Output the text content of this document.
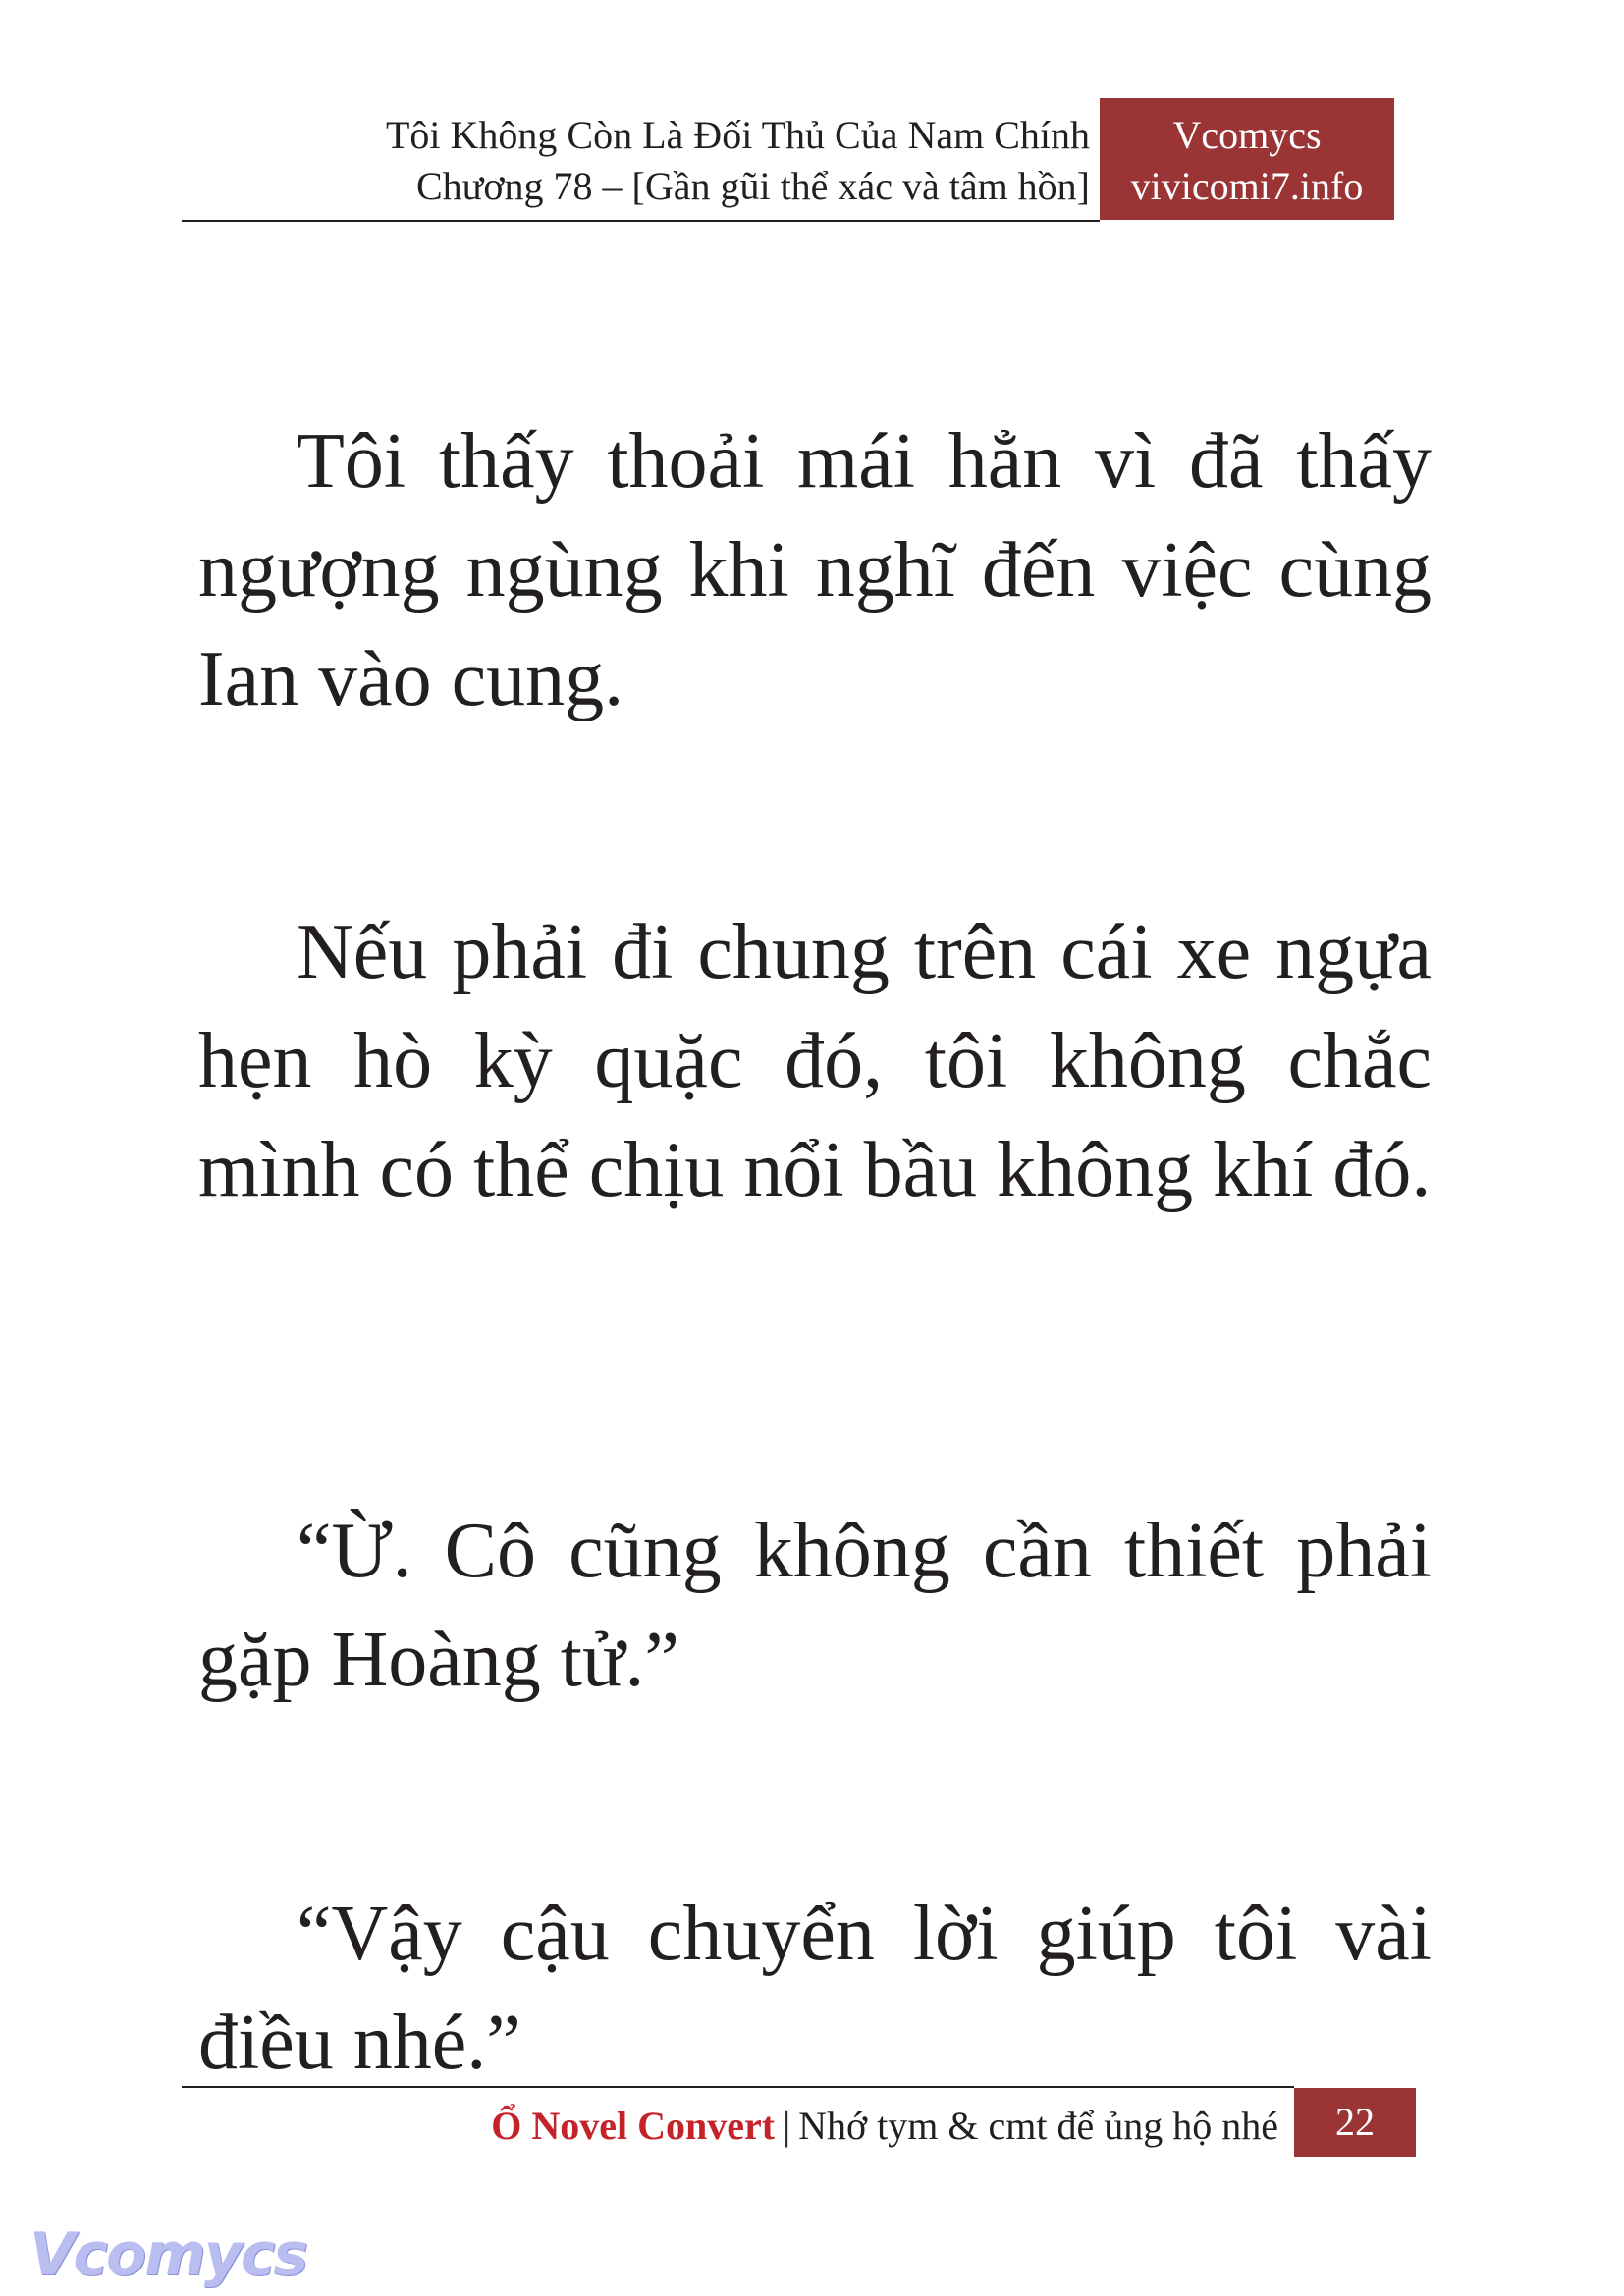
Tôi Không Còn Là Đối Thủ Của Nam Chính
Chương 78 – [Gần gũi thể xác và tâm hồn]
Vcomycs
vivicomi7.info

Tôi thấy thoải mái hẳn vì đã thấy ngượng ngùng khi nghĩ đến việc cùng Ian vào cung.

Nếu phải đi chung trên cái xe ngựa hẹn hò kỳ quặc đó, tôi không chắc mình có thể chịu nổi bầu không khí đó.

“Ừ. Cô cũng không cần thiết phải gặp Hoàng tử.”

“Vậy cậu chuyển lời giúp tôi vài điều nhé.”

Ổ Novel Convert | Nhớ tym & cmt để ủng hộ nhé	22
Vcomycs
